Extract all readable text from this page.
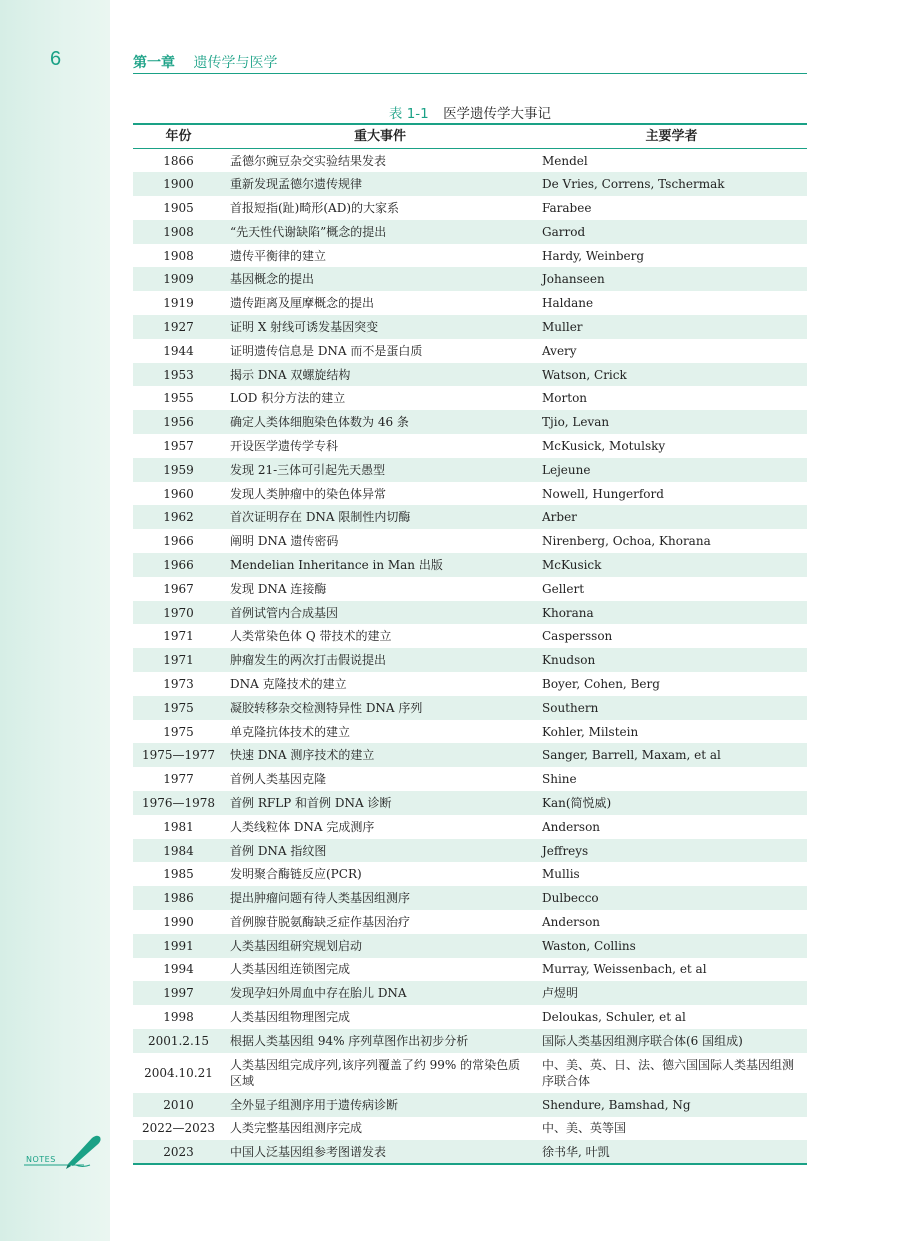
6	第一章 遗传学与医学
表 1-1 医学遗传学大事记
年份	重大事件	主要学者
1866	孟德尔豌豆杂交实验结果发表	Mendel
1900	重新发现孟德尔遗传规律	De Vries, Correns, Tschermak
1905	首报短指(趾)畸形(AD)的大家系	Farabee
1908	“先天性代谢缺陷”概念的提出	Garrod
1908	遗传平衡律的建立	Hardy, Weinberg
1909	基因概念的提出	Johanseen
1919	遗传距离及厘摩概念的提出	Haldane
1927	证明 X 射线可诱发基因突变	Muller
1944	证明遗传信息是 DNA 而不是蛋白质	Avery
1953	揭示 DNA 双螺旋结构	Watson, Crick
1955	LOD 积分方法的建立	Morton
1956	确定人类体细胞染色体数为 46 条	Tjio, Levan
1957	开设医学遗传学专科	McKusick, Motulsky
1959	发现 21-三体可引起先天愚型	Lejeune
1960	发现人类肿瘤中的染色体异常	Nowell, Hungerford
1962	首次证明存在 DNA 限制性内切酶	Arber
1966	阐明 DNA 遗传密码	Nirenberg, Ochoa, Khorana
1966	Mendelian Inheritance in Man 出版	McKusick
1967	发现 DNA 连接酶	Gellert
1970	首例试管内合成基因	Khorana
1971	人类常染色体 Q 带技术的建立	Caspersson
1971	肿瘤发生的两次打击假说提出	Knudson
1973	DNA 克隆技术的建立	Boyer, Cohen, Berg
1975	凝胶转移杂交检测特异性 DNA 序列	Southern
1975	单克隆抗体技术的建立	Kohler, Milstein
1975—1977	快速 DNA 测序技术的建立	Sanger, Barrell, Maxam, et al
1977	首例人类基因克隆	Shine
1976—1978	首例 RFLP 和首例 DNA 诊断	Kan(简悦威)
1981	人类线粒体 DNA 完成测序	Anderson
1984	首例 DNA 指纹图	Jeffreys
1985	发明聚合酶链反应(PCR)	Mullis
1986	提出肿瘤问题有待人类基因组测序	Dulbecco
1990	首例腺苷脱氨酶缺乏症作基因治疗	Anderson
1991	人类基因组研究规划启动	Waston, Collins
1994	人类基因组连锁图完成	Murray, Weissenbach, et al
1997	发现孕妇外周血中存在胎儿 DNA	卢煜明
1998	人类基因组物理图完成	Deloukas, Schuler, et al
2001.2.15	根据人类基因组 94% 序列草图作出初步分析	国际人类基因组测序联合体(6 国组成)
2004.10.21	人类基因组完成序列,该序列覆盖了约 99% 的常染色质区域	中、美、英、日、法、德六国国际人类基因组测序联合体
2010	全外显子组测序用于遗传病诊断	Shendure, Bamshad, Ng
2022—2023	人类完整基因组测序完成	中、美、英等国
2023	中国人泛基因组参考图谱发表	徐书华, 叶凯
NOTES
